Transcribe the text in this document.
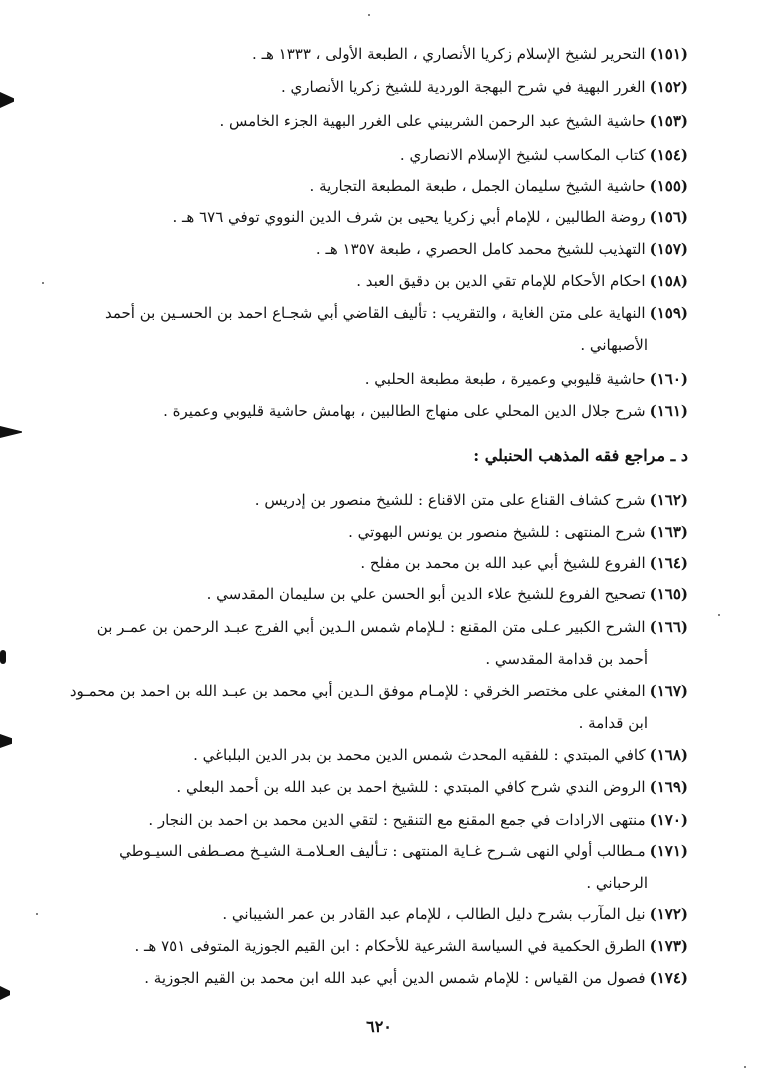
(١٥١)التحرير لشيخ الإسلام زكريا الأنصاري ، الطبعة الأولى ، ١٣٣٣ هـ .
(١٥٢)الغرر البهية في شرح البهجة الوردية للشيخ زكريا الأنصاري .
(١٥٣)حاشية الشيخ عبد الرحمن الشربيني على الغرر البهية الجزء الخامس .
(١٥٤)كتاب المكاسب لشيخ الإسلام الانصاري .
(١٥٥)حاشية الشيخ سليمان الجمل ، طبعة المطبعة التجارية .
(١٥٦)روضة الطالبين ، للإمام أبي زكريا يحيى بن شرف الدين النووي توفي ٦٧٦ هـ .
(١٥٧)التهذيب للشيخ محمد كامل الحصري ، طبعة ١٣٥٧ هـ .
(١٥٨)احكام الأحكام للإمام تقي الدين بن دقيق العبد .
(١٥٩)النهاية على متن الغاية ، والتقريب : تأليف القاضي أبي شجـاع احمد بن الحسـين بن أحمد
الأصبهاني .
(١٦٠)حاشية قليوبي وعميرة ، طبعة مطبعة الحلبي .
(١٦١)شرح جلال الدين المحلي على منهاج الطالبين ، بهامش حاشية قليوبي وعميرة .
د ـ مراجع فقه المذهب الحنبلي :
(١٦٢)شرح كشاف القناع على متن الاقناع : للشيخ منصور بن إدريس .
(١٦٣)شرح المنتهى : للشيخ منصور بن يونس البهوتي .
(١٦٤)الفروع للشيخ أبي عبد الله بن محمد بن مفلح .
(١٦٥)تصحيح الفروع للشيخ علاء الدين أبو الحسن علي بن سليمان المقدسي .
(١٦٦)الشرح الكبير عـلى متن المقنع : لـلإمام شمس الـدين أبي الفرج عبـد الرحمن بن عمـر بن
أحمد بن قدامة المقدسي .
(١٦٧)المغني على مختصر الخرقي : للإمـام موفق الـدين أبي محمد بن عبـد الله بن احمد بن محمـود
ابن قدامة .
(١٦٨)كافي المبتدي : للفقيه المحدث شمس الدين محمد بن بدر الدين البلباغي .
(١٦٩)الروض الندي شرح كافي المبتدي : للشيخ احمد بن عبد الله بن أحمد البعلي .
(١٧٠)منتهى الارادات في جمع المقنع مع التنقيح : لتقي الدين محمد بن احمد بن النجار .
(١٧١)مـطالب أولي النهى شـرح غـاية المنتهى : تـأليف العـلامـة الشيـخ مصـطفى السيـوطي
الرحباني .
(١٧٢)نيل المآرب بشرح دليل الطالب ، للإمام عبد القادر بن عمر الشيباني .
(١٧٣)الطرق الحكمية في السياسة الشرعية للأحكام : ابن القيم الجوزية المتوفى ٧٥١ هـ .
(١٧٤)فصول من القياس : للإمام شمس الدين أبي عبد الله ابن محمد بن القيم الجوزية .
٦٢٠
